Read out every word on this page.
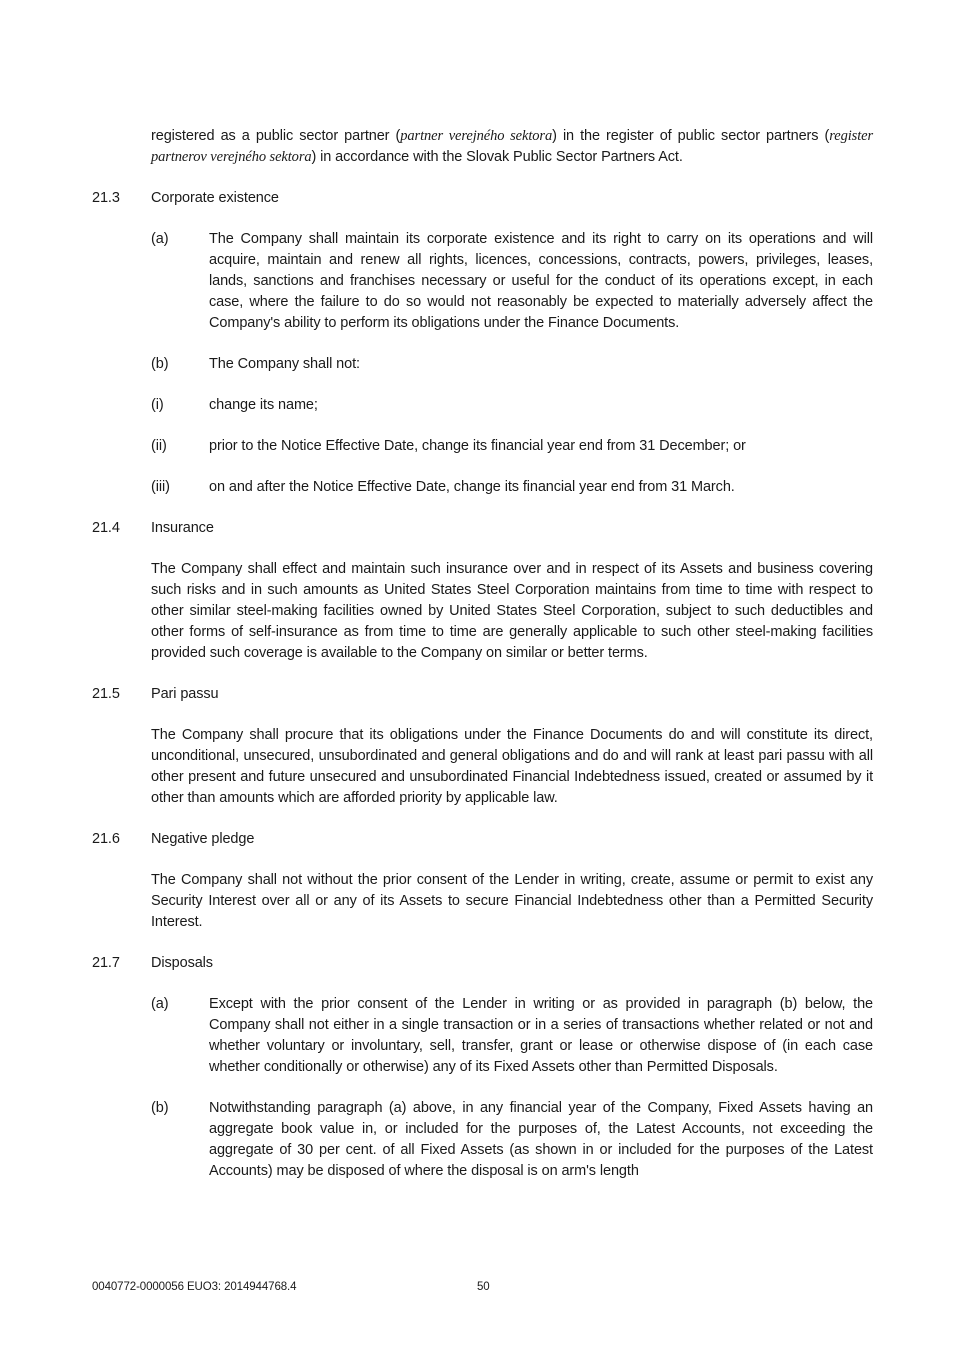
registered as a public sector partner (partner verejného sektora) in the register of public sector partners (register partnerov verejného sektora) in accordance with the Slovak Public Sector Partners Act.

21.3	Corporate existence
(a)	The Company shall maintain its corporate existence and its right to carry on its operations and will acquire, maintain and renew all rights, licences, concessions, contracts, powers, privileges, leases, lands, sanctions and franchises necessary or useful for the conduct of its operations except, in each case, where the failure to do so would not reasonably be expected to materially adversely affect the Company's ability to perform its obligations under the Finance Documents.
(b)	The Company shall not:
(i)	change its name;
(ii)	prior to the Notice Effective Date, change its financial year end from 31 December; or
(iii)	on and after the Notice Effective Date, change its financial year end from 31 March.
21.4	Insurance

The Company shall effect and maintain such insurance over and in respect of its Assets and business covering such risks and in such amounts as United States Steel Corporation maintains from time to time with respect to other similar steel-making facilities owned by United States Steel Corporation, subject to such deductibles and other forms of self-insurance as from time to time are generally applicable to such other steel-making facilities provided such coverage is available to the Company on similar or better terms.

21.5	Pari passu

The Company shall procure that its obligations under the Finance Documents do and will constitute its direct, unconditional, unsecured, unsubordinated and general obligations and do and will rank at least pari passu with all other present and future unsecured and unsubordinated Financial Indebtedness issued, created or assumed by it other than amounts which are afforded priority by applicable law.

21.6	Negative pledge

The Company shall not without the prior consent of the Lender in writing, create, assume or permit to exist any Security Interest over all or any of its Assets to secure Financial Indebtedness other than a Permitted Security Interest.

21.7	Disposals
(a)	Except with the prior consent of the Lender in writing or as provided in paragraph (b) below, the Company shall not either in a single transaction or in a series of transactions whether related or not and whether voluntary or involuntary, sell, transfer, grant or lease or otherwise dispose of (in each case whether conditionally or otherwise) any of its Fixed Assets other than Permitted Disposals.
(b)	Notwithstanding paragraph (a) above, in any financial year of the Company, Fixed Assets having an aggregate book value in, or included for the purposes of, the Latest Accounts, not exceeding the aggregate of 30 per cent. of all Fixed Assets (as shown in or included for the purposes of the Latest Accounts) may be disposed of where the disposal is on arm's length
0040772-0000056 EUO3: 2014944768.4	50
